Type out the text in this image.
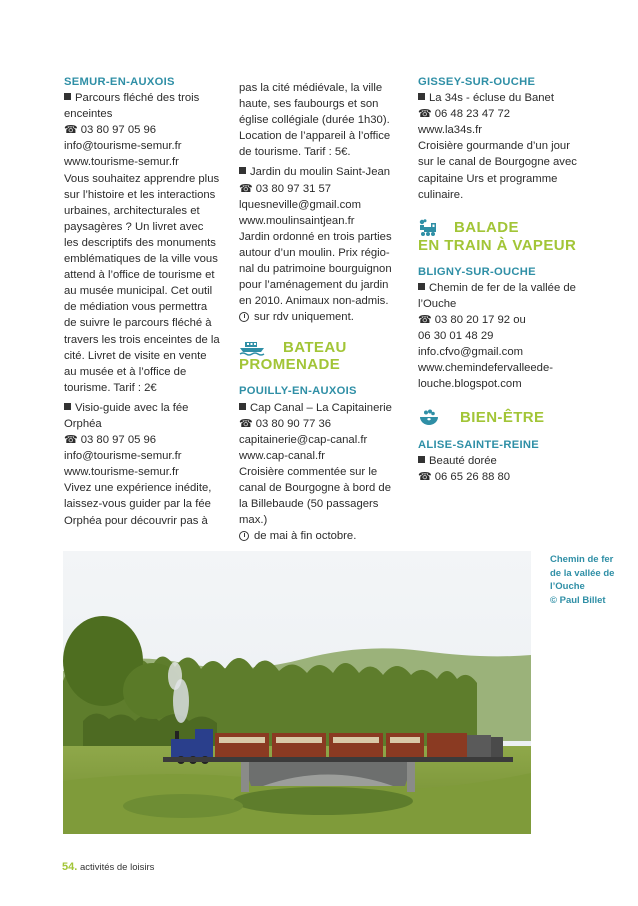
SEMUR-EN-AUXOIS

Parcours fléché des trois enceintes

☎ 03 80 97 05 96

info@tourisme-semur.fr

www.tourisme-semur.fr

Vous souhaitez apprendre plus sur l’histoire et les interactions urbaines, architecturales et paysagères ? Un livret avec les descriptifs des monuments emblématiques de la ville vous attend à l’office de tourisme et au musée municipal. Cet outil de médiation vous permettra de suivre le parcours fléché à travers les trois enceintes de la cité. Livret de visite en vente au musée et à l’office de tourisme. Tarif : 2€

Visio-guide avec la fée Orphéa

☎ 03 80 97 05 96

info@tourisme-semur.fr

www.tourisme-semur.fr

Vivez une expérience inédite, laissez-vous guider par la fée Orphéa pour découvrir pas à

pas la cité médiévale, la ville haute, ses faubourgs et son église collégiale (durée 1h30). Location de l’appareil à l’office de tourisme. Tarif : 5€.

Jardin du moulin Saint-Jean

☎ 03 80 97 31 57

lquesneville@gmail.com

www.moulinsaintjean.fr

Jardin ordonné en trois parties autour d’un moulin. Prix régio-nal du patrimoine bourguignon pour l’aménagement du jardin en 2010. Animaux non-admis.

sur rdv uniquement.

BATEAU
PROMENADE

POUILLY-EN-AUXOIS

Cap Canal – La Capitainerie

☎ 03 80 90 77 36

capitainerie@cap-canal.fr

www.cap-canal.fr

Croisière commentée sur le canal de Bourgogne à bord de la Billebaude (50 passagers max.)

de mai à fin octobre.

GISSEY-SUR-OUCHE

La 34s - écluse du Banet

☎ 06 48 23 47 72

www.la34s.fr

Croisière gourmande d’un jour sur le canal de Bourgogne avec capitaine Urs et programme culinaire.

BALADE
EN TRAIN À VAPEUR

BLIGNY-SUR-OUCHE

Chemin de fer de la vallée de l’Ouche

☎ 03 80 20 17 92 ou

06 30 01 48 29

info.cfvo@gmail.com

www.chemindefervalleede-louche.blogspot.com

BIEN-ÊTRE

ALISE-SAINTE-REINE

Beauté dorée

☎ 06 65 26 88 80

Chemin de fer
de la vallée de
l’Ouche
© Paul Billet
54. activités de loisirs
